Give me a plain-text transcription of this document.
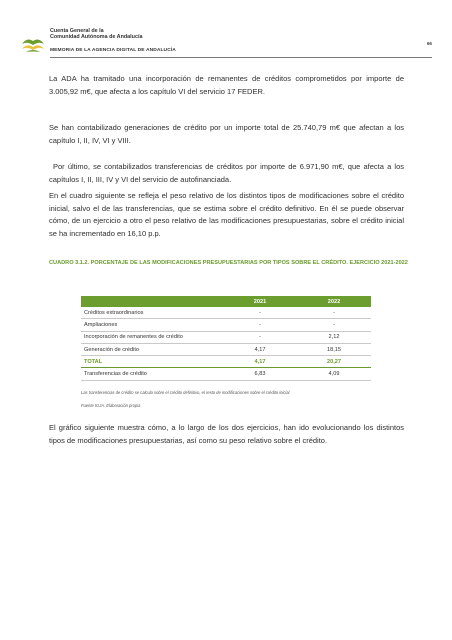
Cuenta General de la
Comunidad Autónoma de Andalucía
66
MEMORIA DE LA AGENCIA DIGITAL DE ANDALUCÍA

La ADA ha tramitado una incorporación de remanentes de créditos comprometidos por importe de 3.005,92 m€, que afecta a los capítulo VI del servicio 17 FEDER.

Se han contabilizado generaciones de crédito por un importe total de 25.740,79 m€ que afectan a los capítulo I, II, IV, VI y VIII.

Por último, se contabilizados transferencias de créditos por importe de 6.971,90 m€, que afecta a los capítulos I, II, III, IV y VI del servicio de autofinanciada.

En el cuadro siguiente se refleja el peso relativo de los distintos tipos de modificaciones sobre el crédito inicial, salvo el de las transferencias, que se estima sobre el crédito definitivo. En él se puede observar cómo, de un ejercicio a otro el peso relativo de las modificaciones presupuestarias, sobre el crédito inicial se ha incrementado en 16,10 p.p.

CUADRO 3.1.2. PORCENTAJE DE LAS MODIFICACIONES PRESUPUESTARIAS POR TIPOS SOBRE EL CRÉDITO. EJERCICIO 2021-2022
	2021	2022
Créditos extraordinarios	-	-
Ampliaciones	-	-
Incorporación de remanentes de crédito	-	2,12
Generación de crédito	4,17	18,15
TOTAL	4,17	20,27
Transferencias de crédito	6,83	4,09
Las transferencias de crédito se calcula sobre el crédito definitivo, el resto de modificaciones sobre el crédito inicial
Fuente IGJA. Elaboración propia

El gráfico siguiente muestra cómo, a lo largo de los dos ejercicios, han ido evolucionando los distintos tipos de modificaciones presupuestarias, así como su peso relativo sobre el crédito.
